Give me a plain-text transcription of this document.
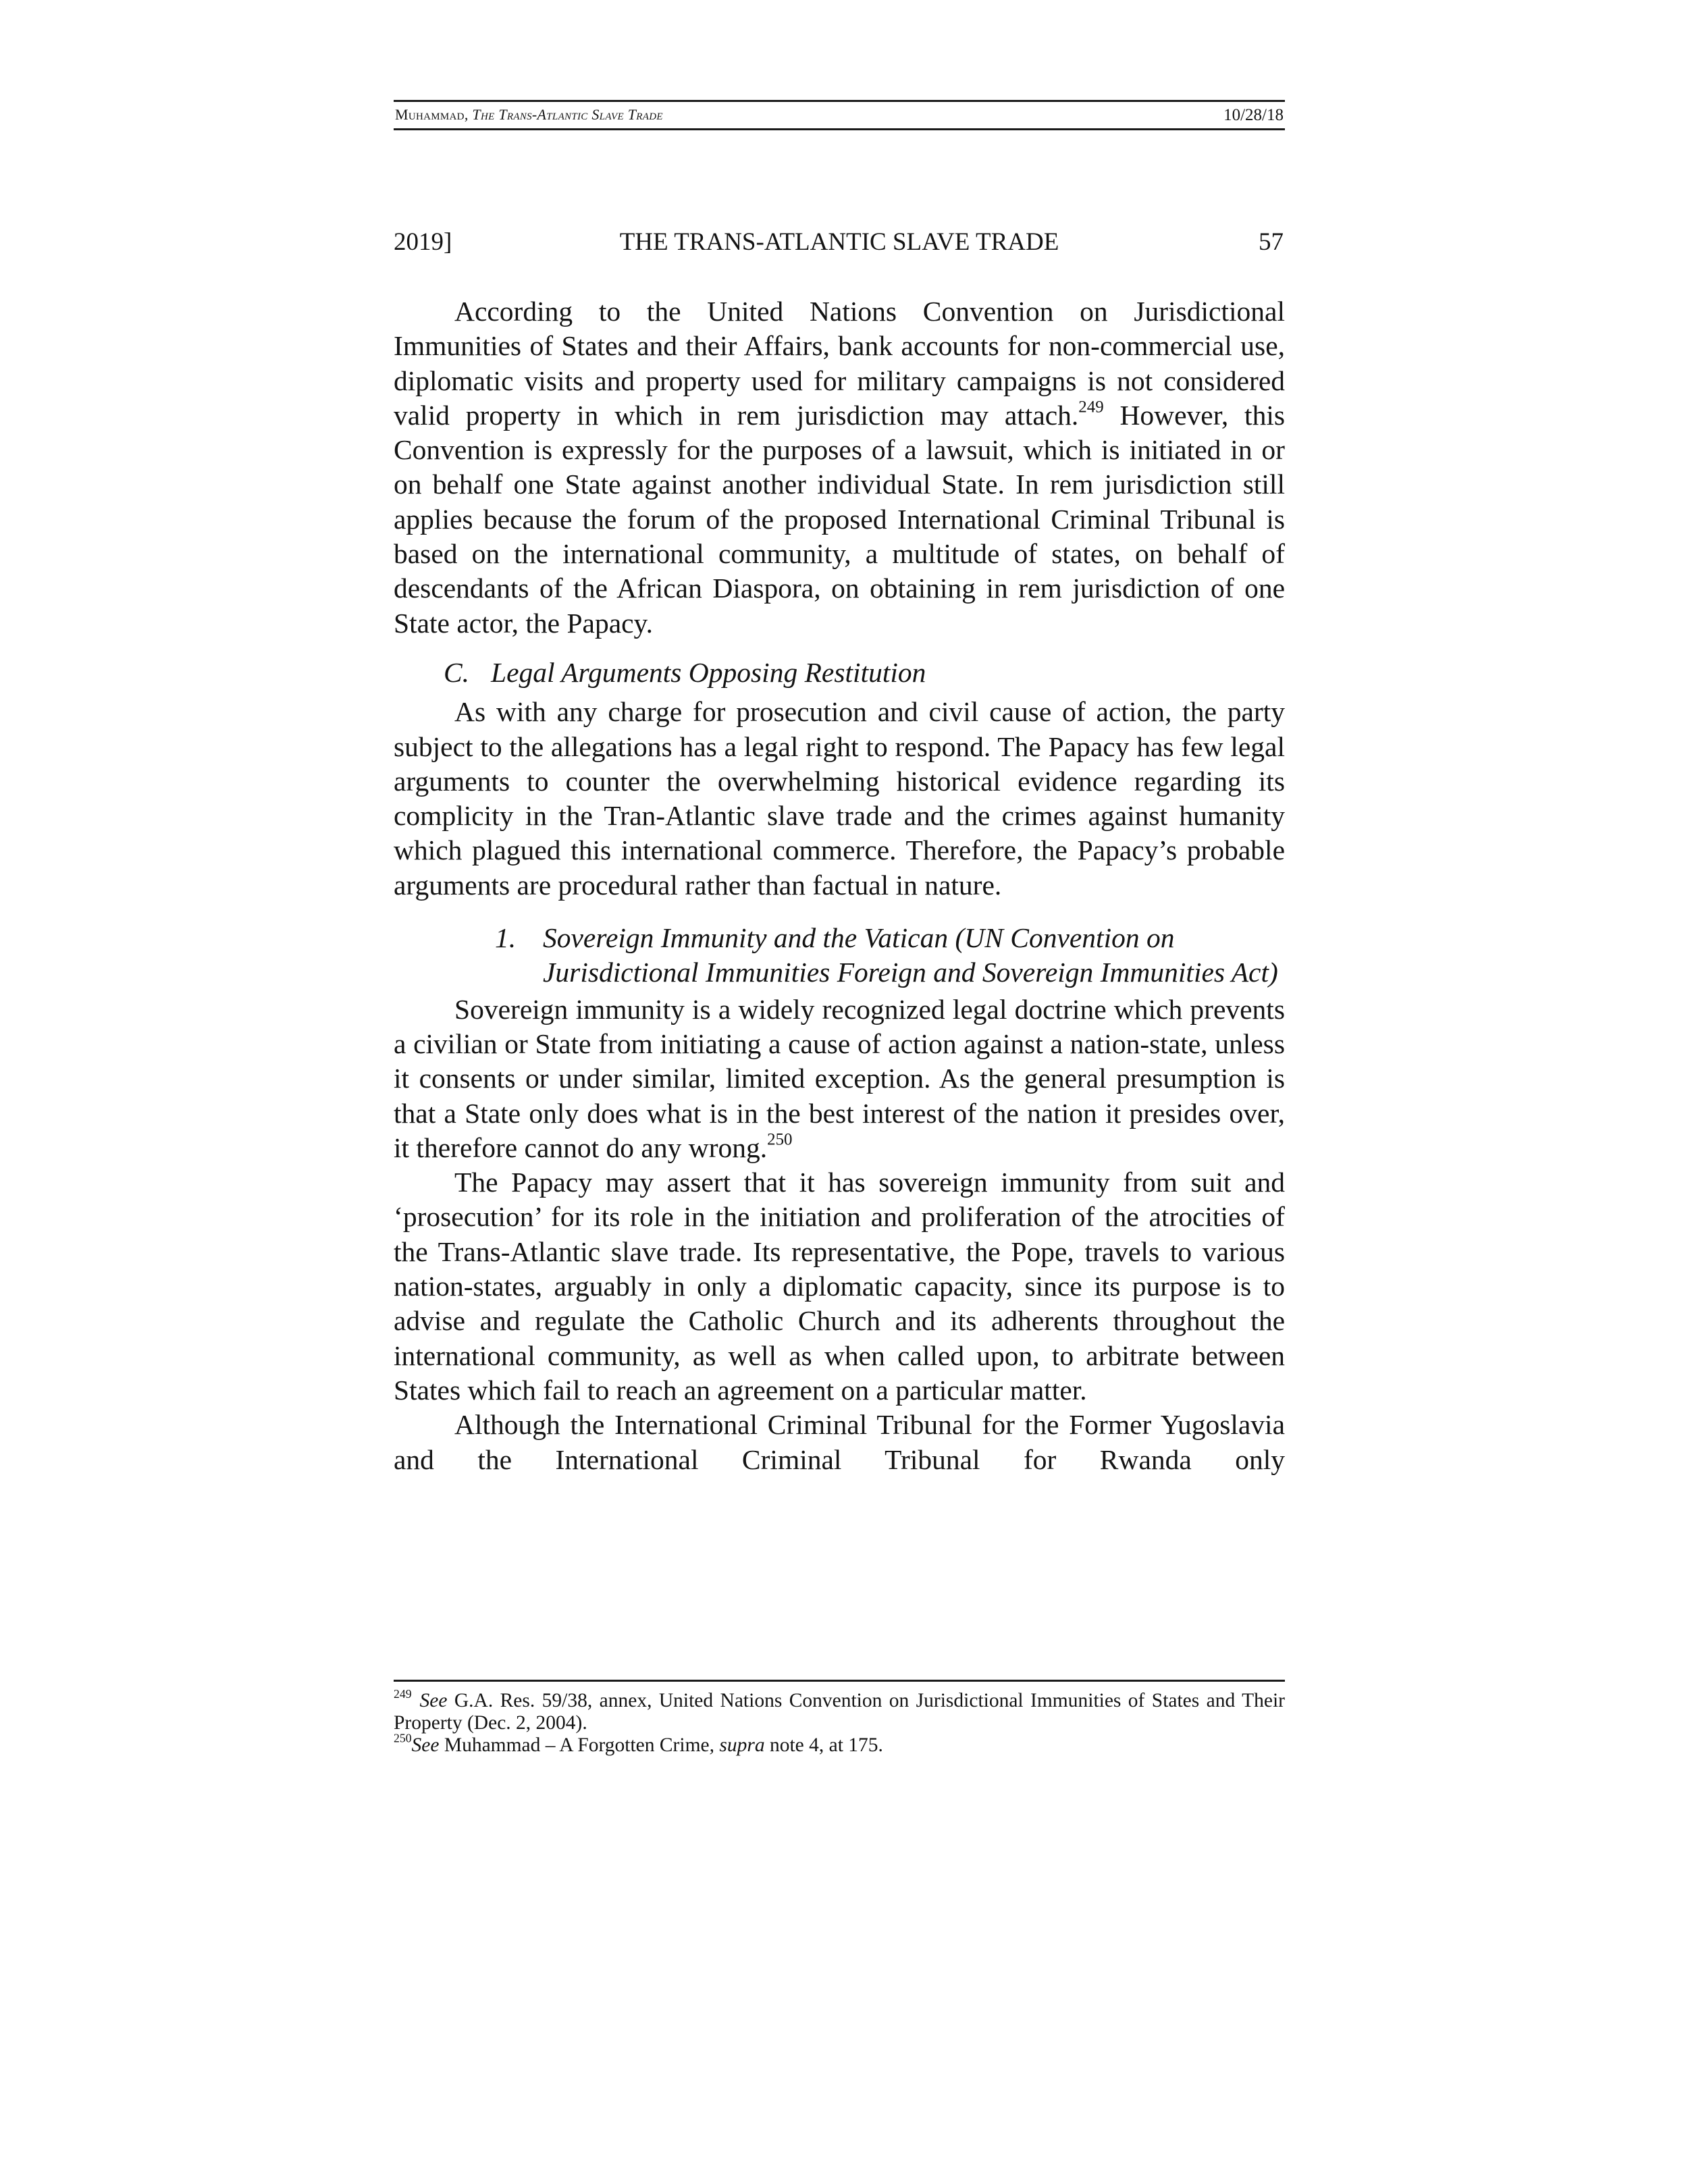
Muhammad, The Trans-Atlantic Slave Trade	10/28/18
THE TRANS-ATLANTIC SLAVE TRADE
2019]	57

According to the United Nations Convention on Jurisdictional Immunities of States and their Affairs, bank accounts for non-commercial use, diplomatic visits and property used for military campaigns is not considered valid property in which in rem jurisdiction may attach.$^{249}$ However, this Convention is expressly for the purposes of a lawsuit, which is initiated in or on behalf one State against another individual State. In rem jurisdiction still applies because the forum of the proposed International Criminal Tribunal is based on the international community, a multitude of states, on behalf of descendants of the African Diaspora, on obtaining in rem jurisdiction of one State actor, the Papacy.

C. Legal Arguments Opposing Restitution

As with any charge for prosecution and civil cause of action, the party subject to the allegations has a legal right to respond. The Papacy has few legal arguments to counter the overwhelming historical evidence regarding its complicity in the Tran-Atlantic slave trade and the crimes against humanity which plagued this international commerce. Therefore, the Papacy’s probable arguments are procedural rather than factual in nature.

1. Sovereign Immunity and the Vatican (UN Convention on Jurisdictional Immunities Foreign and Sovereign Immunities Act)

Sovereign immunity is a widely recognized legal doctrine which prevents a civilian or State from initiating a cause of action against a nation-state, unless it consents or under similar, limited exception. As the general presumption is that a State only does what is in the best interest of the nation it presides over, it therefore cannot do any wrong.$^{250}$

The Papacy may assert that it has sovereign immunity from suit and ‘prosecution’ for its role in the initiation and proliferation of the atrocities of the Trans-Atlantic slave trade. Its representative, the Pope, travels to various nation-states, arguably in only a diplomatic capacity, since its purpose is to advise and regulate the Catholic Church and its adherents throughout the international community, as well as when called upon, to arbitrate between States which fail to reach an agreement on a particular matter.

Although the International Criminal Tribunal for the Former Yugoslavia and the International Criminal Tribunal for Rwanda only

$^{249}$ See G.A. Res. 59/38, annex, United Nations Convention on Jurisdictional Immunities of States and Their Property (Dec. 2, 2004).

$^{250}$See Muhammad – A Forgotten Crime, supra note 4, at 175.
